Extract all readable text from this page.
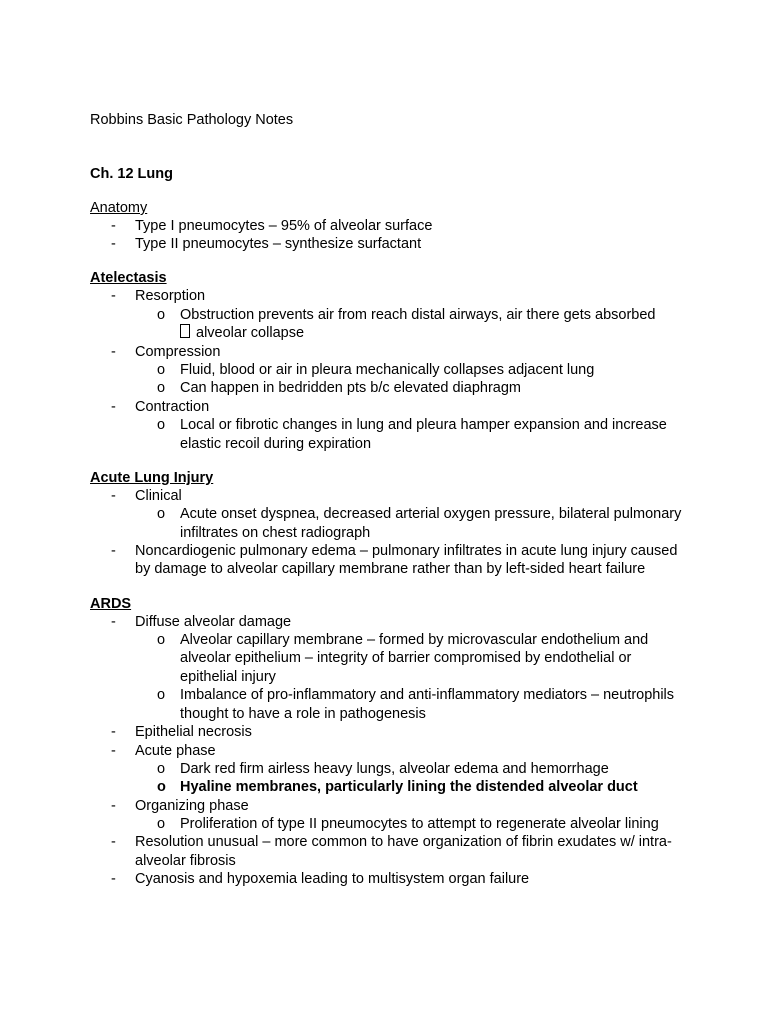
Robbins Basic Pathology Notes
Ch. 12 Lung
Anatomy
- Type I pneumocytes – 95% of alveolar surface
- Type II pneumocytes – synthesize surfactant
Atelectasis
- Resorption
o Obstruction prevents air from reach distal airways, air there gets absorbed
alveolar collapse
- Compression
o Fluid, blood or air in pleura mechanically collapses adjacent lung
o Can happen in bedridden pts b/c elevated diaphragm
- Contraction
o Local or fibrotic changes in lung and pleura hamper expansion and increase elastic recoil during expiration
Acute Lung Injury
- Clinical
o Acute onset dyspnea, decreased arterial oxygen pressure, bilateral pulmonary infiltrates on chest radiograph
- Noncardiogenic pulmonary edema – pulmonary infiltrates in acute lung injury caused by damage to alveolar capillary membrane rather than by left-sided heart failure
ARDS
- Diffuse alveolar damage
o Alveolar capillary membrane – formed by microvascular endothelium and alveolar epithelium – integrity of barrier compromised by endothelial or epithelial injury
o Imbalance of pro-inflammatory and anti-inflammatory mediators – neutrophils thought to have a role in pathogenesis
- Epithelial necrosis
- Acute phase
o Dark red firm airless heavy lungs, alveolar edema and hemorrhage
o Hyaline membranes, particularly lining the distended alveolar duct
- Organizing phase
o Proliferation of type II pneumocytes to attempt to regenerate alveolar lining
- Resolution unusual – more common to have organization of fibrin exudates w/ intra-alveolar fibrosis
- Cyanosis and hypoxemia leading to multisystem organ failure
